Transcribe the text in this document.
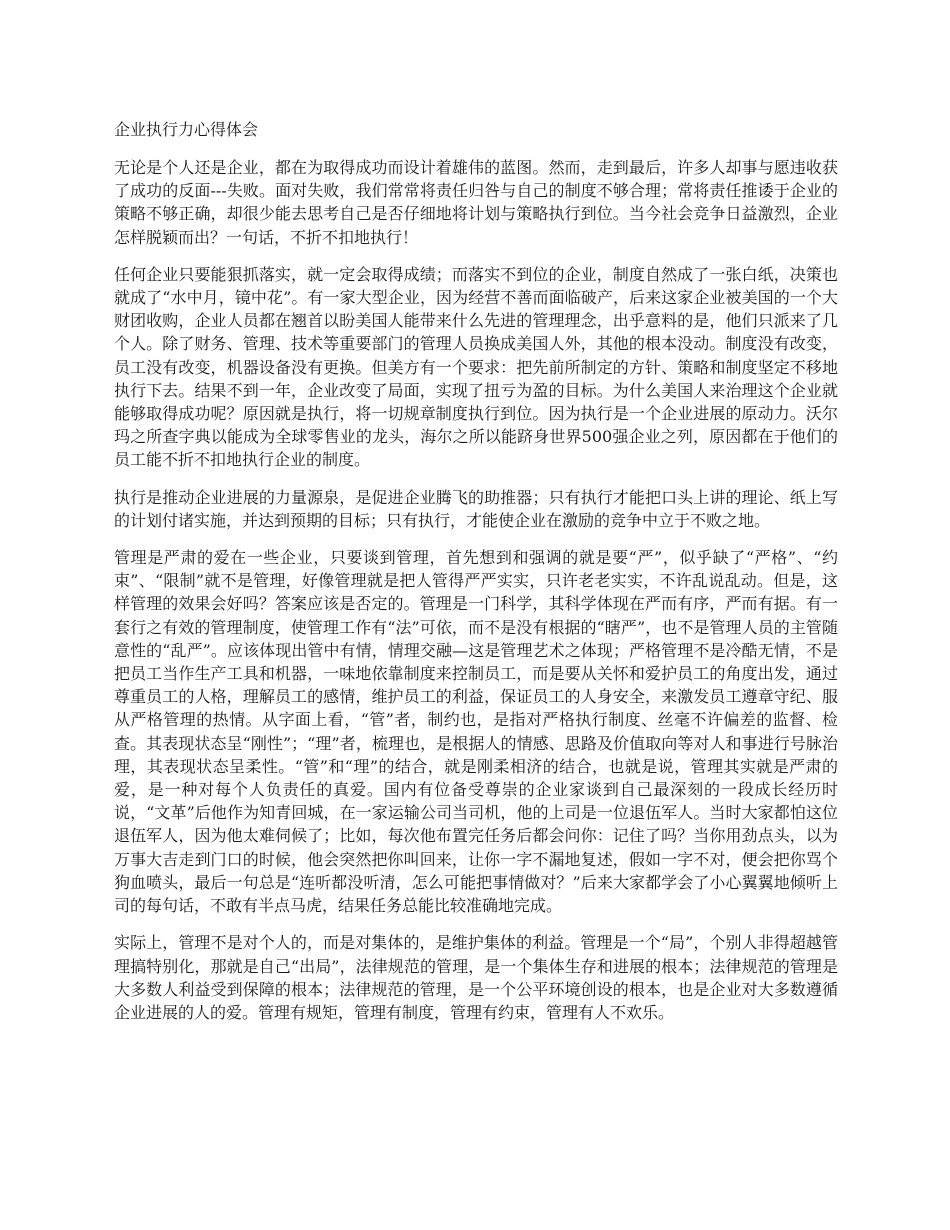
企业执行力心得体会

无论是个人还是企业，都在为取得成功而设计着雄伟的蓝图。然而，走到最后，许多人却事与愿违收获了成功的反面---失败。面对失败，我们常常将责任归咎与自己的制度不够合理；常将责任推诿于企业的策略不够正确，却很少能去思考自己是否仔细地将计划与策略执行到位。当今社会竞争日益激烈，企业怎样脱颖而出？一句话，不折不扣地执行！

任何企业只要能狠抓落实，就一定会取得成绩；而落实不到位的企业，制度自然成了一张白纸，决策也就成了“水中月，镜中花”。有一家大型企业，因为经营不善而面临破产，后来这家企业被美国的一个大财团收购，企业人员都在翘首以盼美国人能带来什么先进的管理理念，出乎意料的是，他们只派来了几个人。除了财务、管理、技术等重要部门的管理人员换成美国人外，其他的根本没动。制度没有改变，员工没有改变，机器设备没有更换。但美方有一个要求：把先前所制定的方针、策略和制度坚定不移地执行下去。结果不到一年，企业改变了局面，实现了扭亏为盈的目标。为什么美国人来治理这个企业就能够取得成功呢？原因就是执行，将一切规章制度执行到位。因为执行是一个企业进展的原动力。沃尔玛之所查字典以能成为全球零售业的龙头，海尔之所以能跻身世界500强企业之列，原因都在于他们的员工能不折不扣地执行企业的制度。

执行是推动企业进展的力量源泉，是促进企业腾飞的助推器；只有执行才能把口头上讲的理论、纸上写的计划付诸实施，并达到预期的目标；只有执行，才能使企业在激励的竞争中立于不败之地。

管理是严肃的爱在一些企业，只要谈到管理，首先想到和强调的就是要“严”，似乎缺了“严格”、“约束”、“限制”就不是管理，好像管理就是把人管得严严实实，只许老老实实，不许乱说乱动。但是，这样管理的效果会好吗？答案应该是否定的。管理是一门科学，其科学体现在严而有序，严而有据。有一套行之有效的管理制度，使管理工作有“法”可依，而不是没有根据的“瞎严”，也不是管理人员的主管随意性的“乱严”。应该体现出管中有情，情理交融—这是管理艺术之体现；严格管理不是冷酷无情，不是把员工当作生产工具和机器，一味地依靠制度来控制员工，而是要从关怀和爱护员工的角度出发，通过尊重员工的人格，理解员工的感情，维护员工的利益，保证员工的人身安全，来激发员工遵章守纪、服从严格管理的热情。从字面上看，“管”者，制约也，是指对严格执行制度、丝毫不许偏差的监督、检查。其表现状态呈“刚性”；“理”者，梳理也，是根据人的情感、思路及价值取向等对人和事进行号脉治理，其表现状态呈柔性。“管”和“理”的结合，就是刚柔相济的结合，也就是说，管理其实就是严肃的爱，是一种对每个人负责任的真爱。国内有位备受尊崇的企业家谈到自己最深刻的一段成长经历时说，“文革”后他作为知青回城，在一家运输公司当司机，他的上司是一位退伍军人。当时大家都怕这位退伍军人，因为他太难伺候了；比如，每次他布置完任务后都会问你：记住了吗？当你用劲点头，以为万事大吉走到门口的时候，他会突然把你叫回来，让你一字不漏地复述，假如一字不对，便会把你骂个狗血喷头，最后一句总是“连听都没听清，怎么可能把事情做对？”后来大家都学会了小心翼翼地倾听上司的每句话，不敢有半点马虎，结果任务总能比较准确地完成。

实际上，管理不是对个人的，而是对集体的，是维护集体的利益。管理是一个“局”，个别人非得超越管理搞特别化，那就是自己“出局”，法律规范的管理，是一个集体生存和进展的根本；法律规范的管理是大多数人利益受到保障的根本；法律规范的管理，是一个公平环境创设的根本，也是企业对大多数遵循企业进展的人的爱。管理有规矩，管理有制度，管理有约束，管理有人不欢乐。
